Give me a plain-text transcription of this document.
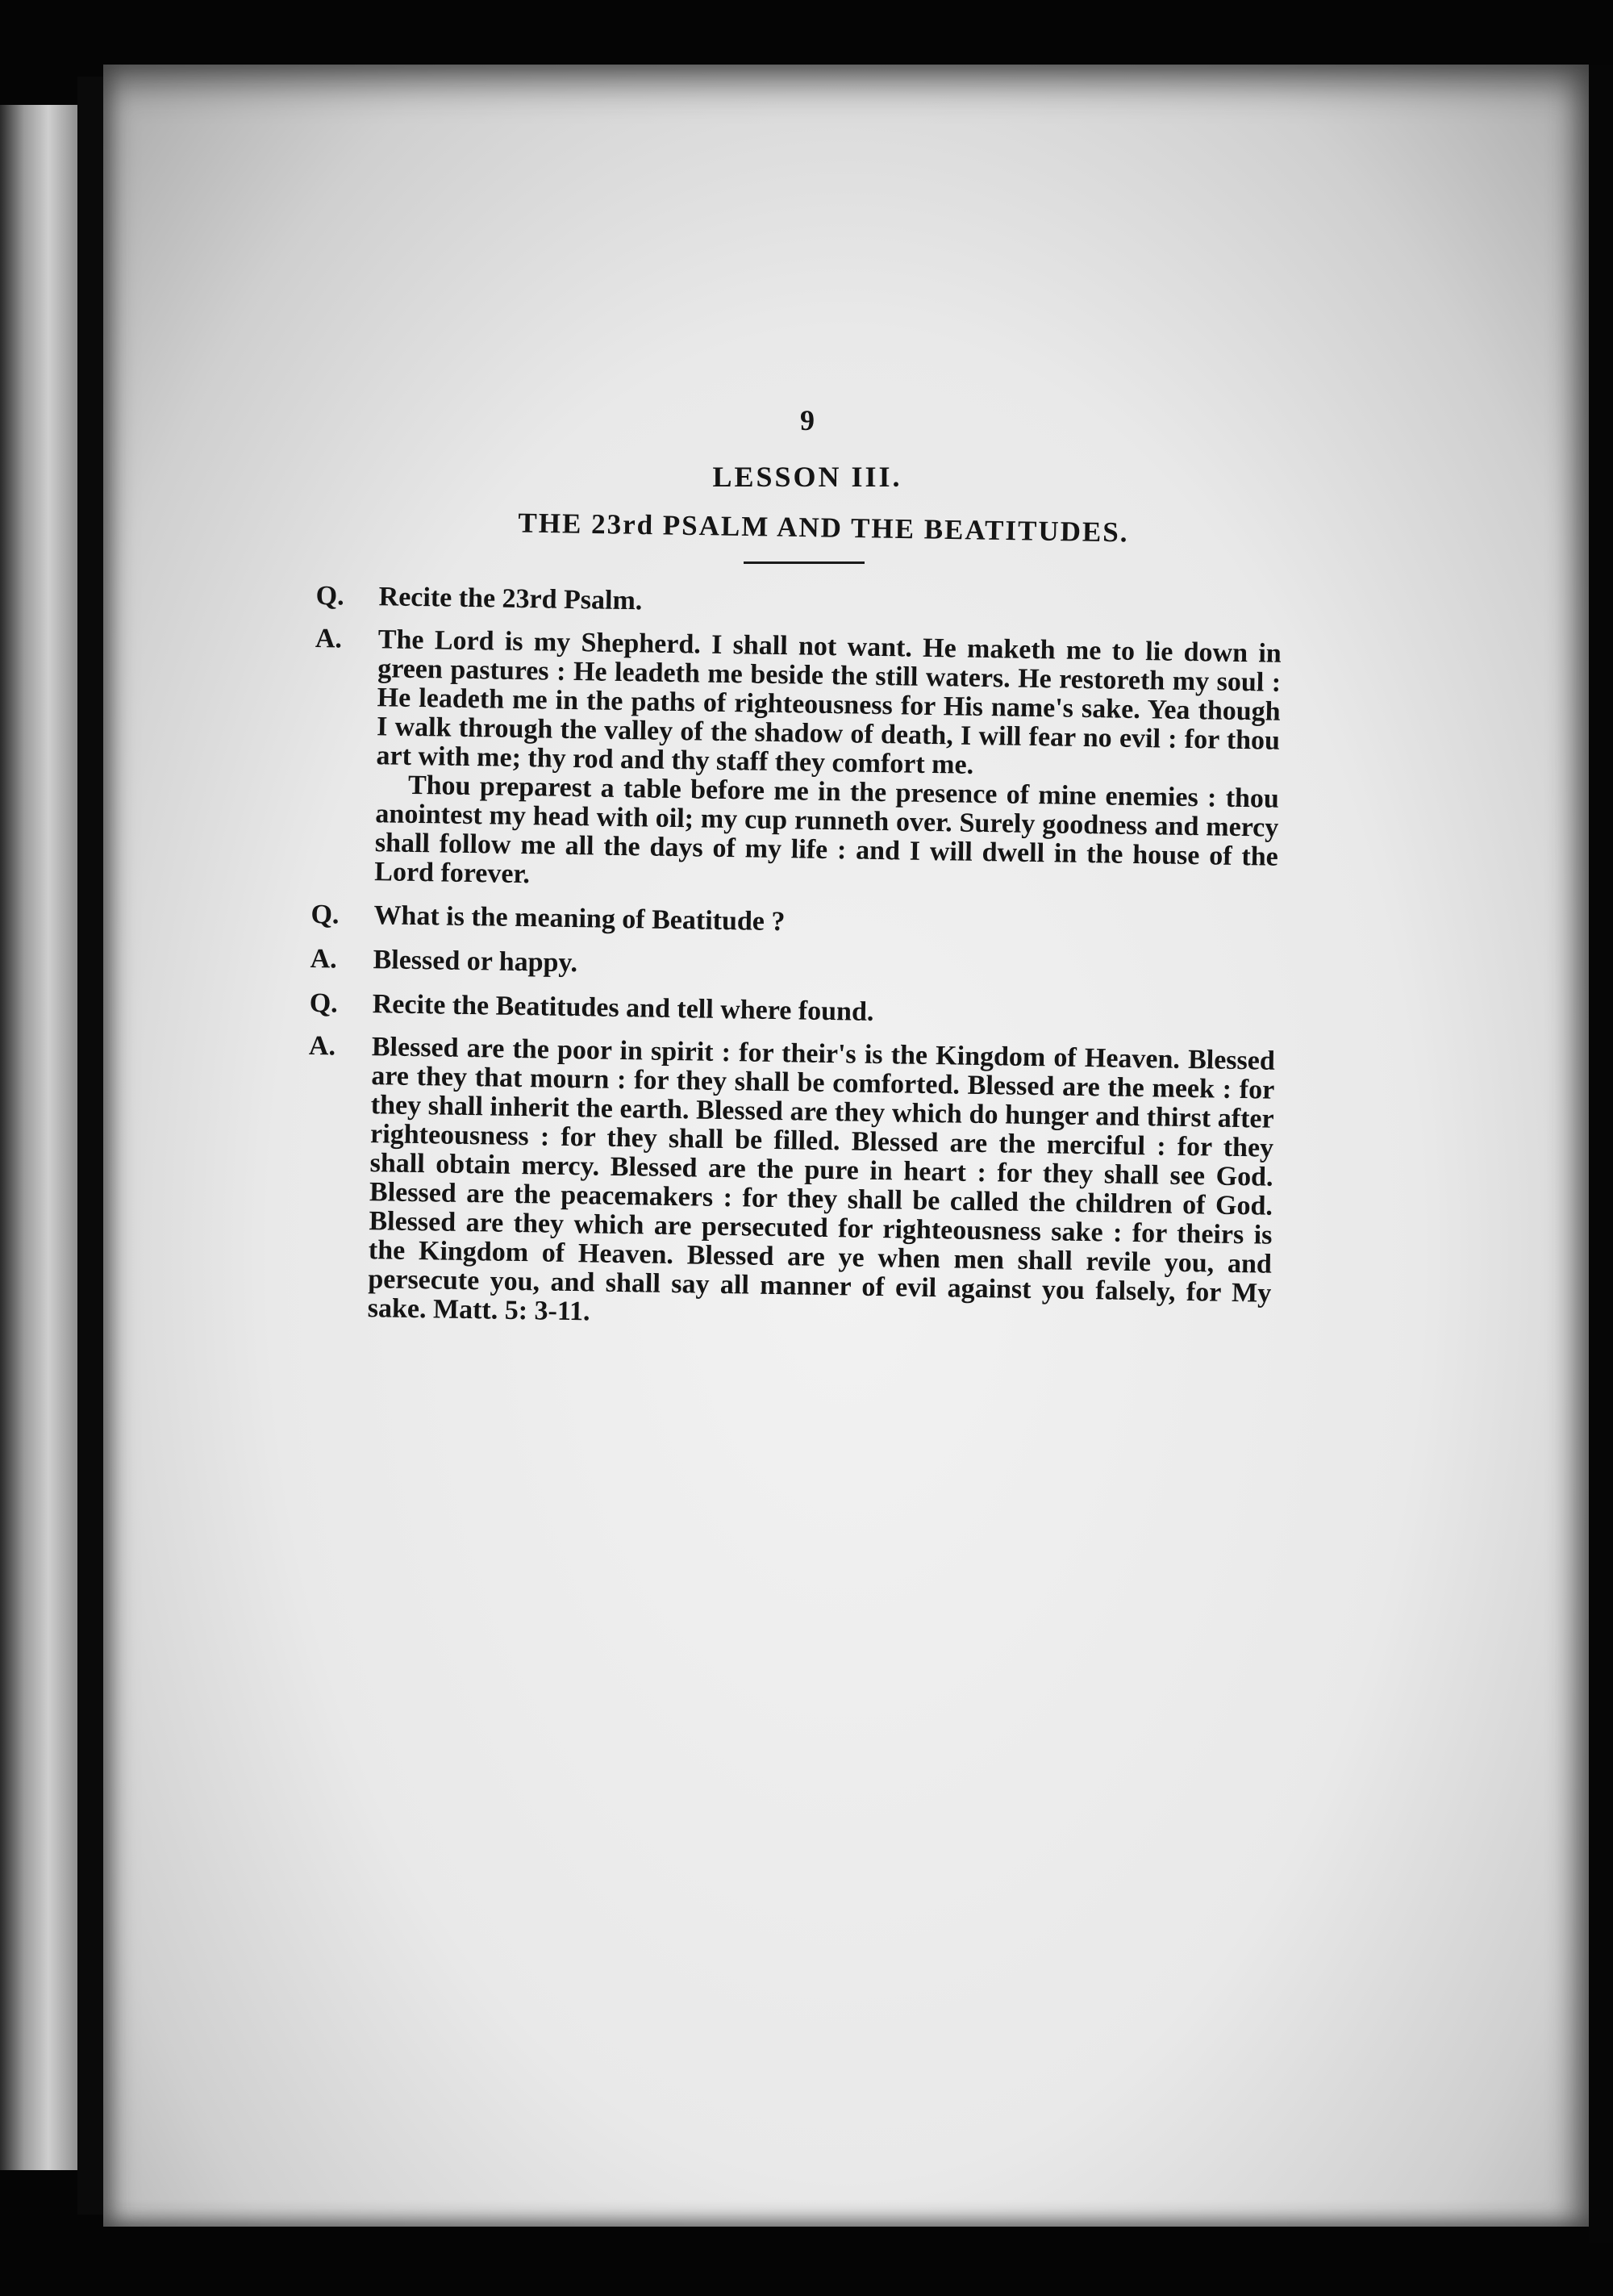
9
LESSON III.
THE 23rd PSALM AND THE BEATITUDES.
Q.	Recite the 23rd Psalm.

A.	The Lord is my Shepherd. I shall not want. He maketh me to lie down in green pastures : He leadeth me beside the still waters. He restoreth my soul : He leadeth me in the paths of righteousness for His name's sake. Yea though I walk through the valley of the shadow of death, I will fear no evil : for thou art with me; thy rod and thy staff they comfort me.

Thou preparest a table before me in the presence of mine enemies : thou anointest my head with oil; my cup runneth over. Surely goodness and mercy shall follow me all the days of my life : and I will dwell in the house of the Lord forever.

Q.	What is the meaning of Beatitude ?

A.	Blessed or happy.

Q.	Recite the Beatitudes and tell where found.

A.	Blessed are the poor in spirit : for their's is the Kingdom of Heaven. Blessed are they that mourn : for they shall be comforted. Blessed are the meek : for they shall inherit the earth. Blessed are they which do hunger and thirst after righteousness : for they shall be filled. Blessed are the merciful : for they shall obtain mercy. Blessed are the pure in heart : for they shall see God. Blessed are the peacemakers : for they shall be called the children of God. Blessed are they which are persecuted for righteousness sake : for theirs is the Kingdom of Heaven. Blessed are ye when men shall revile you, and persecute you, and shall say all manner of evil against you falsely, for My sake. Matt. 5: 3-11.
